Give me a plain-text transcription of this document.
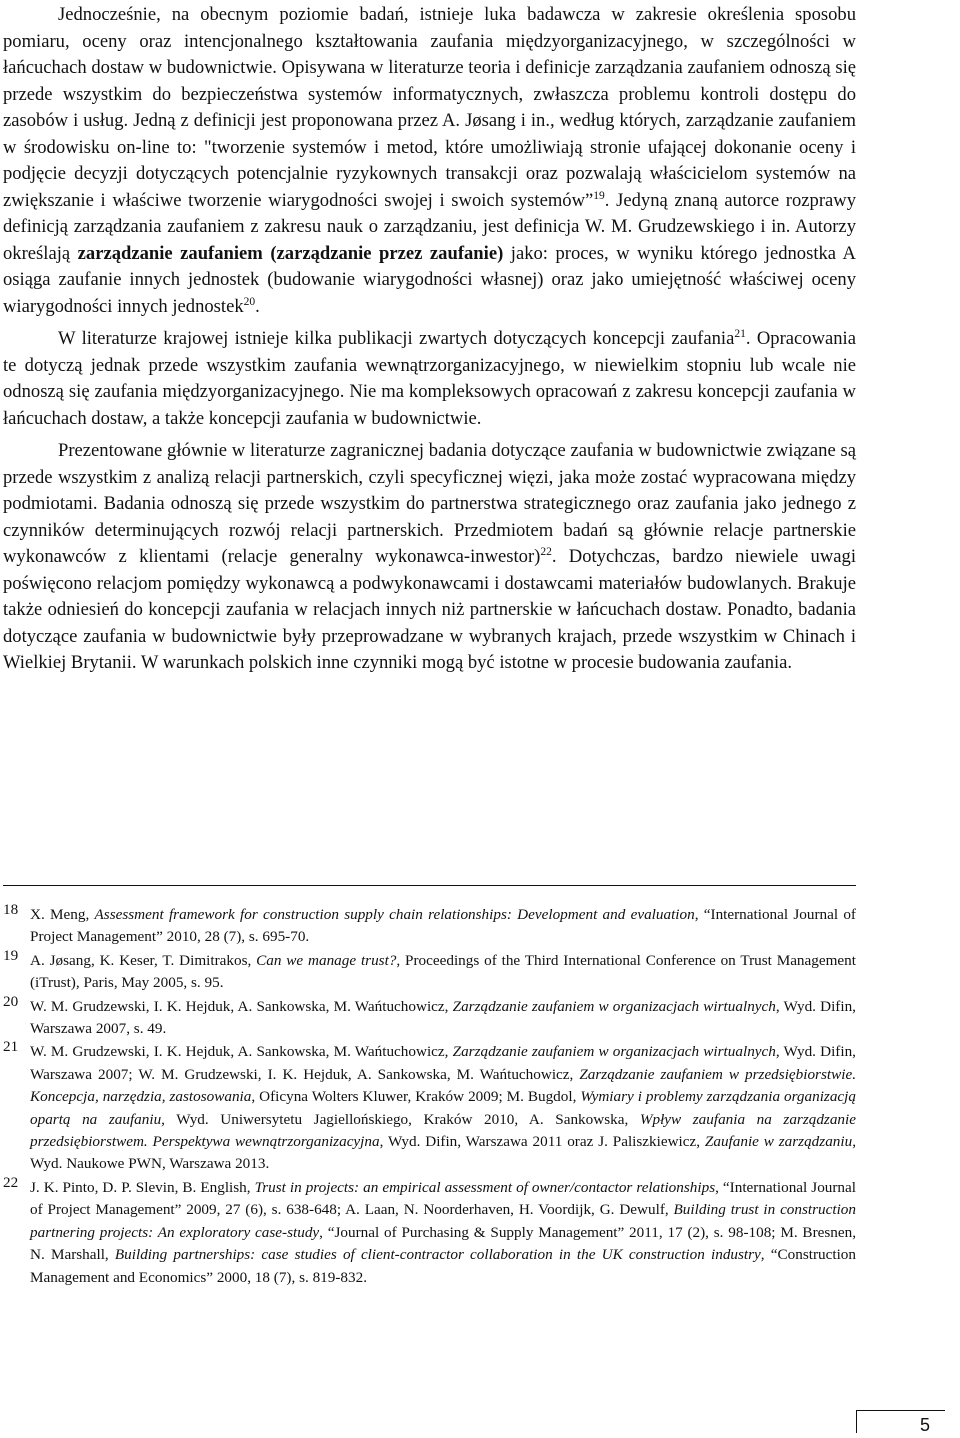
Jednocześnie, na obecnym poziomie badań, istnieje luka badawcza w zakresie określenia sposobu pomiaru, oceny oraz intencjonalnego kształtowania zaufania międzyorganizacyjnego, w szczególności w łańcuchach dostaw w budownictwie. Opisywana w literaturze teoria i definicje zarządzania zaufaniem odnoszą się przede wszystkim do bezpieczeństwa systemów informatycznych, zwłaszcza problemu kontroli dostępu do zasobów i usług. Jedną z definicji jest proponowana przez A. Jøsang i in., według których, zarządzanie zaufaniem w środowisku on-line to: "tworzenie systemów i metod, które umożliwiają stronie ufającej dokonanie oceny i podjęcie decyzji dotyczących potencjalnie ryzykownych transakcji oraz pozwalają właścicielom systemów na zwiększanie i właściwe tworzenie wiarygodności swojej i swoich systemów”$^{19}$. Jedyną znaną autorce rozprawy definicją zarządzania zaufaniem z zakresu nauk o zarządzaniu, jest definicja W. M. Grudzewskiego i in. Autorzy określają zarządzanie zaufaniem (zarządzanie przez zaufanie) jako: proces, w wyniku którego jednostka A osiąga zaufanie innych jednostek (budowanie wiarygodności własnej) oraz jako umiejętność właściwej oceny wiarygodności innych jednostek$^{20}$.

W literaturze krajowej istnieje kilka publikacji zwartych dotyczących koncepcji zaufania$^{21}$. Opracowania te dotyczą jednak przede wszystkim zaufania wewnątrzorganizacyjnego, w niewielkim stopniu lub wcale nie odnoszą się zaufania międzyorganizacyjnego. Nie ma kompleksowych opracowań z zakresu koncepcji zaufania w łańcuchach dostaw, a także koncepcji zaufania w budownictwie.

Prezentowane głównie w literaturze zagranicznej badania dotyczące zaufania w budownictwie związane są przede wszystkim z analizą relacji partnerskich, czyli specyficznej więzi, jaka może zostać wypracowana między podmiotami. Badania odnoszą się przede wszystkim do partnerstwa strategicznego oraz zaufania jako jednego z czynników determinujących rozwój relacji partnerskich. Przedmiotem badań są głównie relacje partnerskie wykonawców z klientami (relacje generalny wykonawca-inwestor)$^{22}$. Dotychczas, bardzo niewiele uwagi poświęcono relacjom pomiędzy wykonawcą a podwykonawcami i dostawcami materiałów budowlanych. Brakuje także odniesień do koncepcji zaufania w relacjach innych niż partnerskie w łańcuchach dostaw. Ponadto, badania dotyczące zaufania w budownictwie były przeprowadzane w wybranych krajach, przede wszystkim w Chinach i Wielkiej Brytanii. W warunkach polskich inne czynniki mogą być istotne w procesie budowania zaufania.

18 X. Meng, Assessment framework for construction supply chain relationships: Development and evaluation, “International Journal of Project Management” 2010, 28 (7), s. 695-70.

19 A. Jøsang, K. Keser, T. Dimitrakos, Can we manage trust?, Proceedings of the Third International Conference on Trust Management (iTrust), Paris, May 2005, s. 95.

20 W. M. Grudzewski, I. K. Hejduk, A. Sankowska, M. Wańtuchowicz, Zarządzanie zaufaniem w organizacjach wirtualnych, Wyd. Difin, Warszawa 2007, s. 49.

21 W. M. Grudzewski, I. K. Hejduk, A. Sankowska, M. Wańtuchowicz, Zarządzanie zaufaniem w organizacjach wirtualnych, Wyd. Difin, Warszawa 2007; W. M. Grudzewski, I. K. Hejduk, A. Sankowska, M. Wańtuchowicz, Zarządzanie zaufaniem w przedsiębiorstwie. Koncepcja, narzędzia, zastosowania, Oficyna Wolters Kluwer, Kraków 2009; M. Bugdol, Wymiary i problemy zarządzania organizacją opartą na zaufaniu, Wyd. Uniwersytetu Jagiellońskiego, Kraków 2010, A. Sankowska, Wpływ zaufania na zarządzanie przedsiębiorstwem. Perspektywa wewnątrzorganizacyjna, Wyd. Difin, Warszawa 2011 oraz J. Paliszkiewicz, Zaufanie w zarządzaniu, Wyd. Naukowe PWN, Warszawa 2013.

22 J. K. Pinto, D. P. Slevin, B. English, Trust in projects: an empirical assessment of owner/contactor relationships, “International Journal of Project Management” 2009, 27 (6), s. 638-648; A. Laan, N. Noorderhaven, H. Voordijk, G. Dewulf, Building trust in construction partnering projects: An exploratory case-study, “Journal of Purchasing & Supply Management” 2011, 17 (2), s. 98-108; M. Bresnen, N. Marshall, Building partnerships: case studies of client-contractor collaboration in the UK construction industry, “Construction Management and Economics” 2000, 18 (7), s. 819-832.

5
